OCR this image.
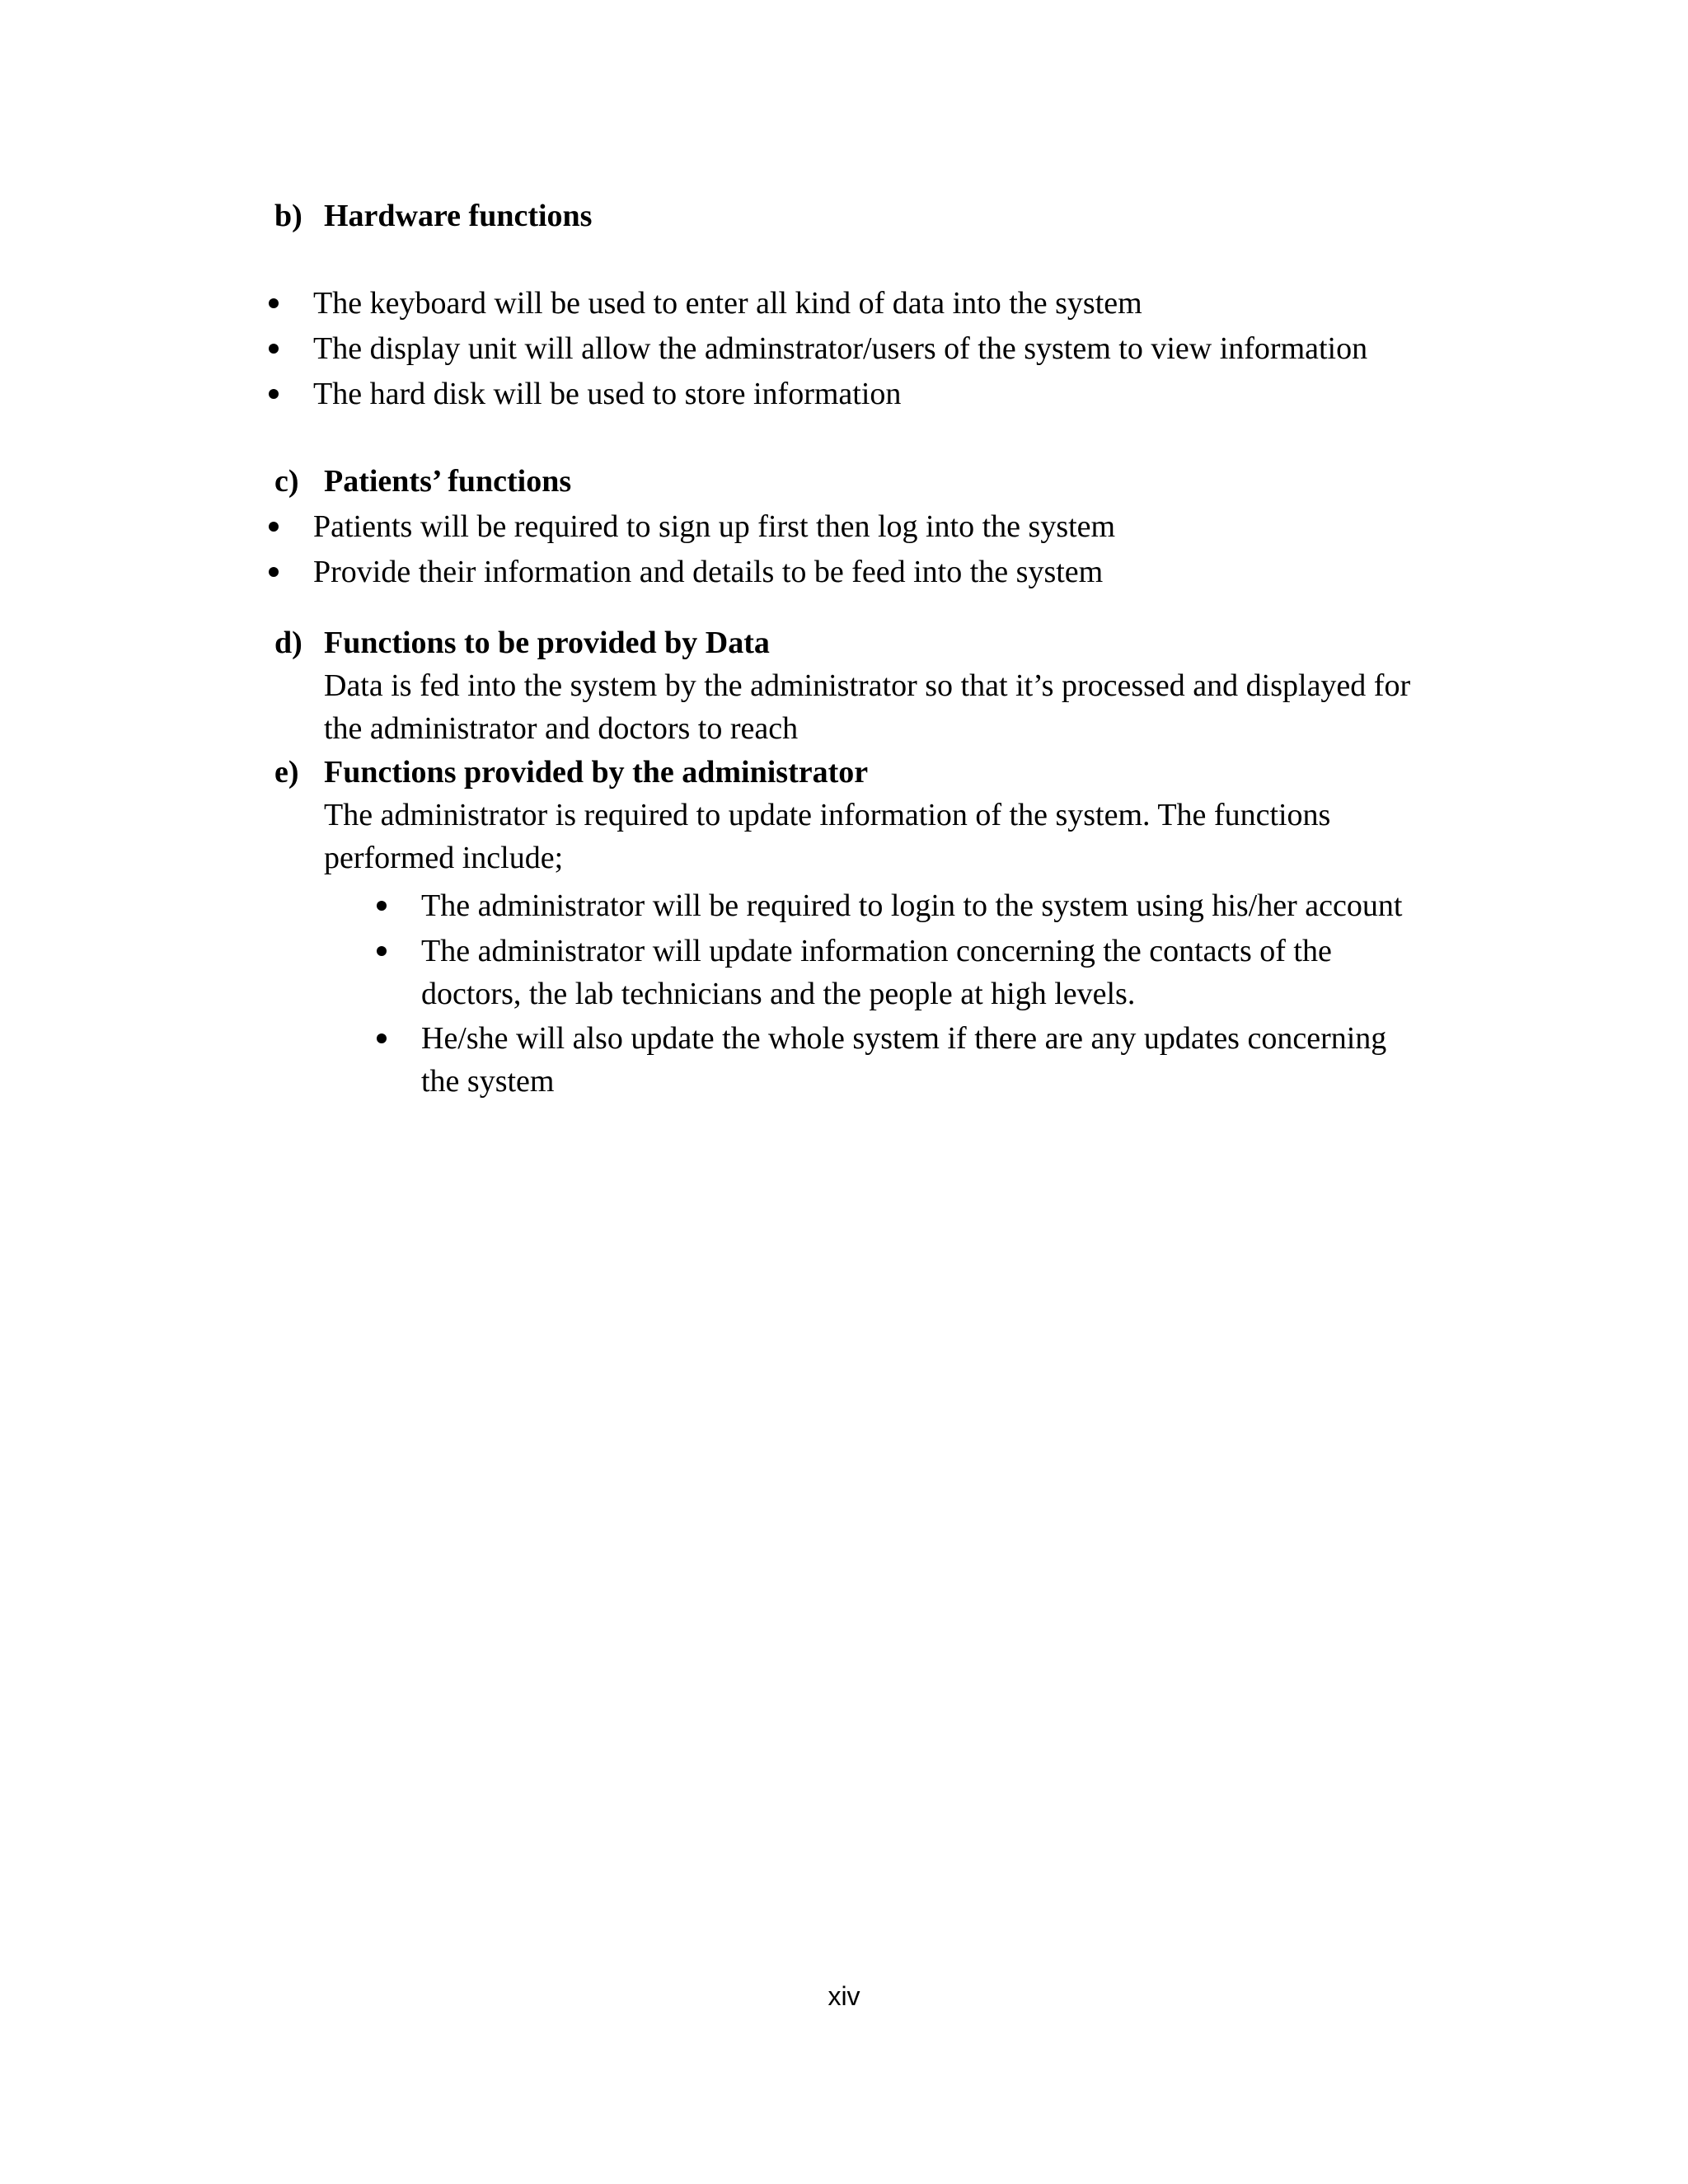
b) Hardware functions
The keyboard will be used to enter all kind of data into the system
The display unit will allow the adminstrator/users of the system to view information
The hard disk will be used to store information
c) Patients’ functions
Patients will be required to sign up first then log into the system
Provide their information and details to be feed into the system
d) Functions to be provided by Data
Data is fed into the system by the administrator so that it’s processed and displayed for
the administrator and doctors to reach
e) Functions provided by the administrator
The administrator is required to update information of the system. The functions
performed include;
The administrator will be required to login to the system using his/her account
The administrator will update information concerning the contacts of the
doctors, the lab technicians and the people at high levels.
He/she will also update the whole system if there are any updates concerning
the system
xiv
